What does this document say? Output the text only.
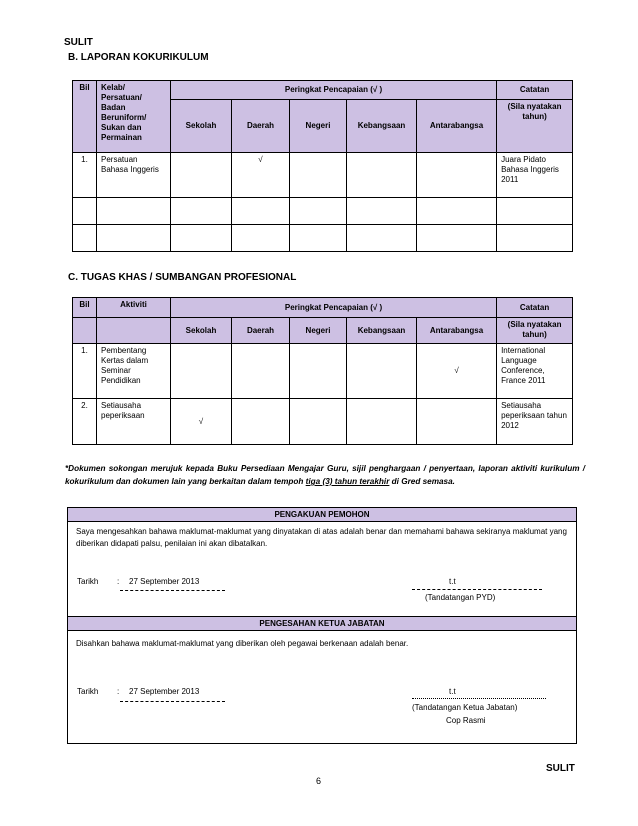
SULIT
B. LAPORAN KOKURIKULUM
Bil	Kelab/ Persatuan/ Badan Beruniform/ Sukan dan Permainan	Peringkat Pencapaian (√ )					Catatan
		Sekolah	Daerah	Negeri	Kebangsaan	Antarabangsa	(Sila nyatakan tahun)
1.	Persatuan Bahasa Inggeris		√				Juara Pidato Bahasa Inggeris 2011

C. TUGAS KHAS / SUMBANGAN PROFESIONAL
Bil	Aktiviti	Peringkat Pencapaian (√ )					Catatan
		Sekolah	Daerah	Negeri	Kebangsaan	Antarabangsa	(Sila nyatakan tahun)
1.	Pembentang Kertas dalam Seminar Pendidikan					√	International Language Conference, France 2011
2.	Setiausaha peperiksaan	√					Setiausaha peperiksaan tahun 2012
*Dokumen sokongan merujuk kepada Buku Persediaan Mengajar Guru, sijil penghargaan / penyertaan, laporan aktiviti kurikulum / kokurikulum dan dokumen lain yang berkaitan dalam tempoh tiga (3) tahun terakhir di Gred semasa.
PENGAKUAN PEMOHON
Saya mengesahkan bahawa maklumat-maklumat yang dinyatakan di atas adalah benar dan memahami bahawa sekiranya maklumat yang diberikan didapati palsu, penilaian ini akan dibatalkan.
Tarikh : 27 September 2013	t.t
(Tandatangan PYD)
PENGESAHAN KETUA JABATAN
Disahkan bahawa maklumat-maklumat yang diberikan oleh pegawai berkenaan adalah benar.
Tarikh : 27 September 2013	t.t
(Tandatangan Ketua Jabatan)
Cop Rasmi
SULIT
6
